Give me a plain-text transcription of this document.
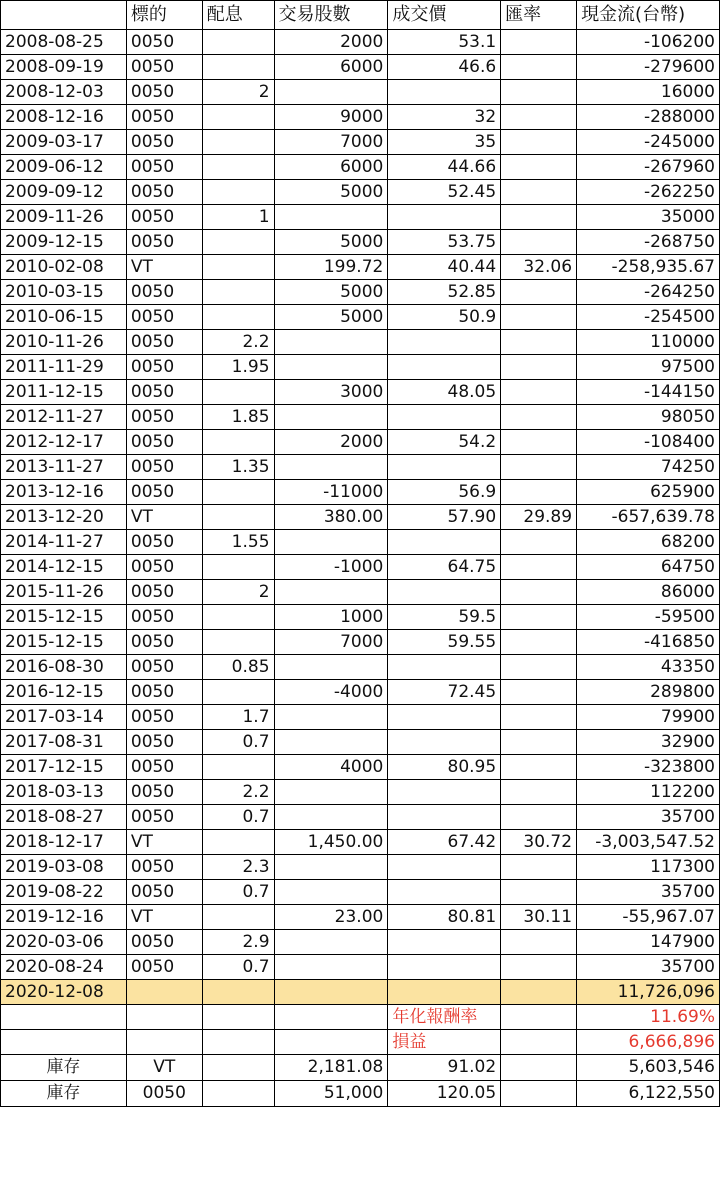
	標的	配息	交易股數	成交價	匯率	現金流(台幣)
2008-08-25	0050		2000	53.1		-106200
2008-09-19	0050		6000	46.6		-279600
2008-12-03	0050	2				16000
2008-12-16	0050		9000	32		-288000
2009-03-17	0050		7000	35		-245000
2009-06-12	0050		6000	44.66		-267960
2009-09-12	0050		5000	52.45		-262250
2009-11-26	0050	1				35000
2009-12-15	0050		5000	53.75		-268750
2010-02-08	VT		199.72	40.44	32.06	-258,935.67
2010-03-15	0050		5000	52.85		-264250
2010-06-15	0050		5000	50.9		-254500
2010-11-26	0050	2.2				110000
2011-11-29	0050	1.95				97500
2011-12-15	0050		3000	48.05		-144150
2012-11-27	0050	1.85				98050
2012-12-17	0050		2000	54.2		-108400
2013-11-27	0050	1.35				74250
2013-12-16	0050		-11000	56.9		625900
2013-12-20	VT		380.00	57.90	29.89	-657,639.78
2014-11-27	0050	1.55				68200
2014-12-15	0050		-1000	64.75		64750
2015-11-26	0050	2				86000
2015-12-15	0050		1000	59.5		-59500
2015-12-15	0050		7000	59.55		-416850
2016-08-30	0050	0.85				43350
2016-12-15	0050		-4000	72.45		289800
2017-03-14	0050	1.7				79900
2017-08-31	0050	0.7				32900
2017-12-15	0050		4000	80.95		-323800
2018-03-13	0050	2.2				112200
2018-08-27	0050	0.7				35700
2018-12-17	VT		1,450.00	67.42	30.72	-3,003,547.52
2019-03-08	0050	2.3				117300
2019-08-22	0050	0.7				35700
2019-12-16	VT		23.00	80.81	30.11	-55,967.07
2020-03-06	0050	2.9				147900
2020-08-24	0050	0.7				35700
2020-12-08						11,726,096
				年化報酬率		11.69%
				損益		6,666,896
庫存	VT		2,181.08	91.02		5,603,546
庫存	0050		51,000	120.05		6,122,550
